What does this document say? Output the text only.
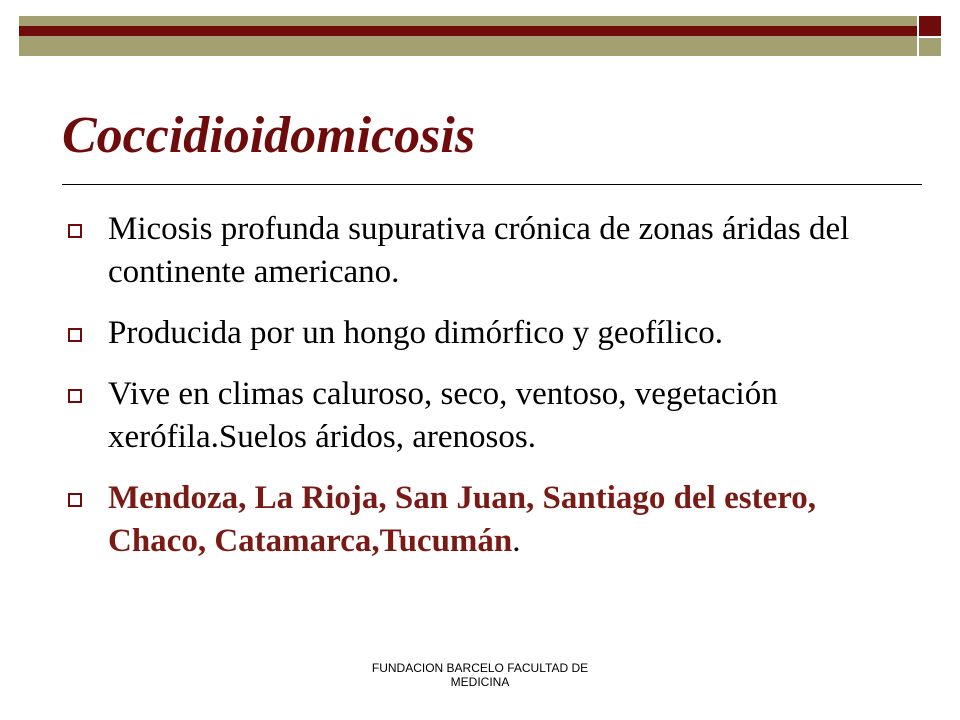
Coccidioidomicosis
Micosis profunda supurativa crónica de zonas áridas del continente americano.
Producida por un hongo dimórfico y geofílico.
Vive en climas caluroso, seco, ventoso, vegetación xerófila.Suelos áridos, arenosos.
Mendoza, La Rioja, San Juan, Santiago del estero, Chaco, Catamarca,Tucumán.
FUNDACION BARCELO FACULTAD DE MEDICINA
